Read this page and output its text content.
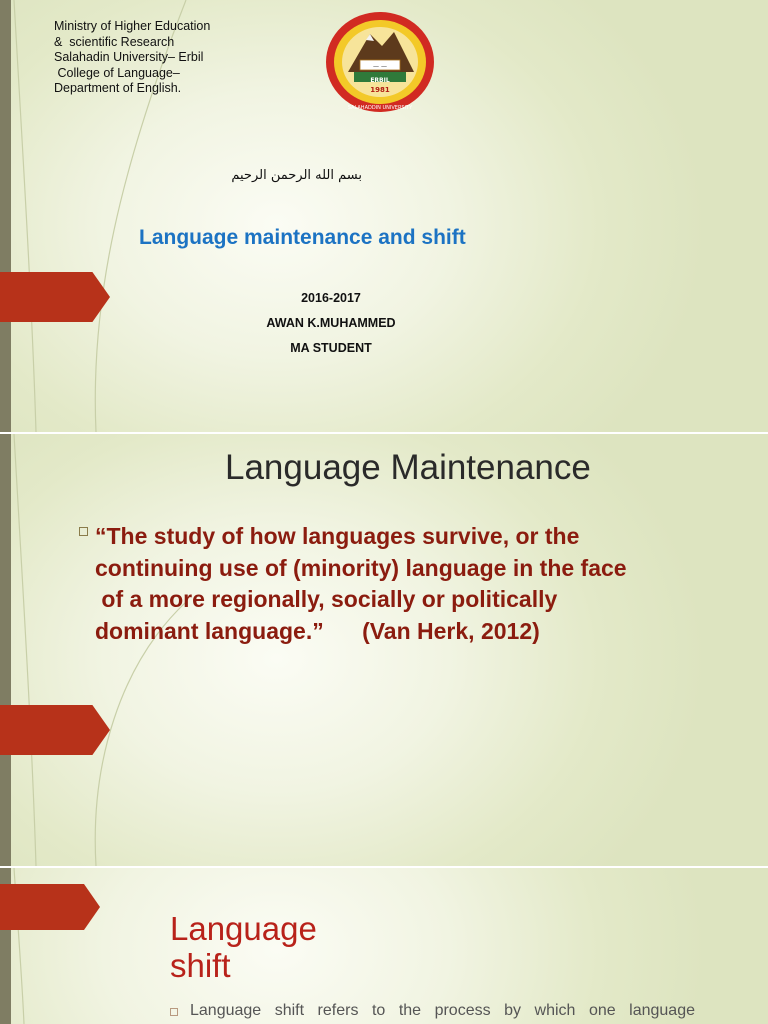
Ministry of Higher Education
&  scientific Research
Salahadin University– Erbil
College of Language–
Department of English.
— —
1981
ERBIL
SALAHADDIN UNIVERSITY
بسم الله الرحمن الرحيم
Language maintenance and shift
2016-2017
AWAN K.MUHAMMED
MA STUDENT
Language Maintenance
“The study of how languages survive, or the
continuing use of (minority) language in the face
of a more regionally, socially or politically
dominant language.”      (Van Herk, 2012)
Language shift
Language shift refers to the process by which one language
